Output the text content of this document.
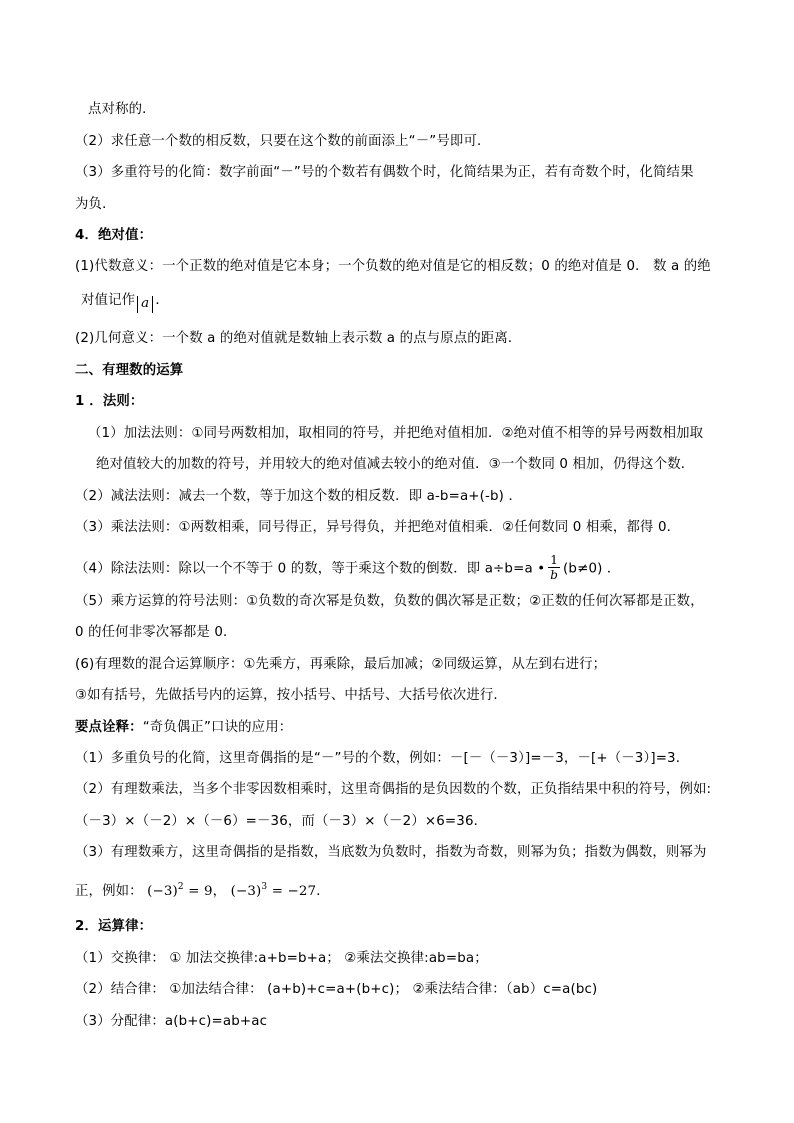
点对称的．
（2）求任意一个数的相反数，只要在这个数的前面添上“－”号即可．
（3）多重符号的化简：数字前面“－”号的个数若有偶数个时，化简结果为正，若有奇数个时，化简结果
为负．
4．绝对值：
(1)代数意义：一个正数的绝对值是它本身；一个负数的绝对值是它的相反数；0 的绝对值是 0． 数 a 的绝
对值记作 a ．
(2)几何意义：一个数 a 的绝对值就是数轴上表示数 a 的点与原点的距离．
二、有理数的运算
1 ．法则：
（1）加法法则：①同号两数相加，取相同的符号，并把绝对值相加．②绝对值不相等的异号两数相加取
绝对值较大的加数的符号，并用较大的绝对值减去较小的绝对值．③一个数同 0 相加，仍得这个数．
（2）减法法则：减去一个数，等于加这个数的相反数．即 a-b=a+(-b) ．
（3）乘法法则：①两数相乘，同号得正，异号得负，并把绝对值相乘．②任何数同 0 相乘，都得 0．
（4）除法法则：除以一个不等于 0 的数，等于乘这个数的倒数．即 a÷b=a • $\frac{1}{b} (b\ne 0)$ ．
（5）乘方运算的符号法则：①负数的奇次幂是负数，负数的偶次幂是正数；②正数的任何次幂都是正数，
0 的任何非零次幂都是 0．
(6)有理数的混合运算顺序：①先乘方，再乘除，最后加减；②同级运算，从左到右进行；
③如有括号，先做括号内的运算，按小括号、中括号、大括号依次进行．
要点诠释：“奇负偶正”口诀的应用：
（1）多重负号的化简，这里奇偶指的是“－”号的个数，例如：－[－（－3）]=－3，－[+（－3）]=3．
（2）有理数乘法，当多个非零因数相乘时，这里奇偶指的是负因数的个数，正负指结果中积的符号，例如:
（－3）×（－2）×（－6）=－36，而（－3）×（－2）×6=36．
（3）有理数乘方，这里奇偶指的是指数，当底数为负数时，指数为奇数，则幂为负；指数为偶数，则幂为
正，例如： $(-3)^2 = 9$， $(-3)^3 = -27$．
2．运算律：
（1）交换律： ① 加法交换律:a+b=b+a； ②乘法交换律:ab=ba；
（2）结合律： ①加法结合律： (a+b)+c=a+(b+c)； ②乘法结合律：（ab）c=a(bc)
（3）分配律：a(b+c)=ab+ac
